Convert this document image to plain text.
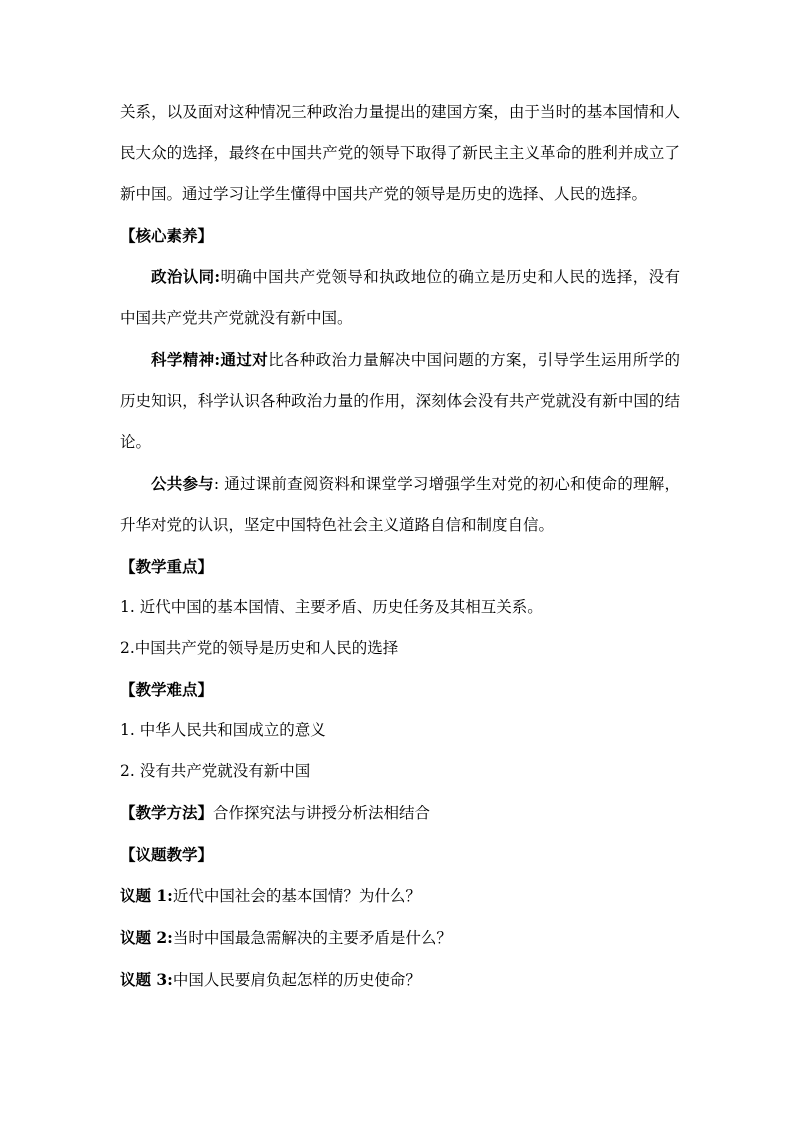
关系，以及面对这种情况三种政治力量提出的建国方案，由于当时的基本国情和人民大众的选择，最终在中国共产党的领导下取得了新民主主义革命的胜利并成立了新中国。通过学习让学生懂得中国共产党的领导是历史的选择、人民的选择。

【核心素养】

政治认同:明确中国共产党领导和执政地位的确立是历史和人民的选择，没有中国共产党共产党就没有新中国。

科学精神:通过对比各种政治力量解决中国问题的方案，引导学生运用所学的历史知识，科学认识各种政治力量的作用，深刻体会没有共产党就没有新中国的结论。

公共参与: 通过课前查阅资料和课堂学习增强学生对党的初心和使命的理解，升华对党的认识，坚定中国特色社会主义道路自信和制度自信。

【教学重点】

1. 近代中国的基本国情、主要矛盾、历史任务及其相互关系。

2.中国共产党的领导是历史和人民的选择

【教学难点】

1. 中华人民共和国成立的意义

2. 没有共产党就没有新中国

【教学方法】合作探究法与讲授分析法相结合

【议题教学】

议题 1:近代中国社会的基本国情？为什么？

议题 2:当时中国最急需解决的主要矛盾是什么？

议题 3:中国人民要肩负起怎样的历史使命？
